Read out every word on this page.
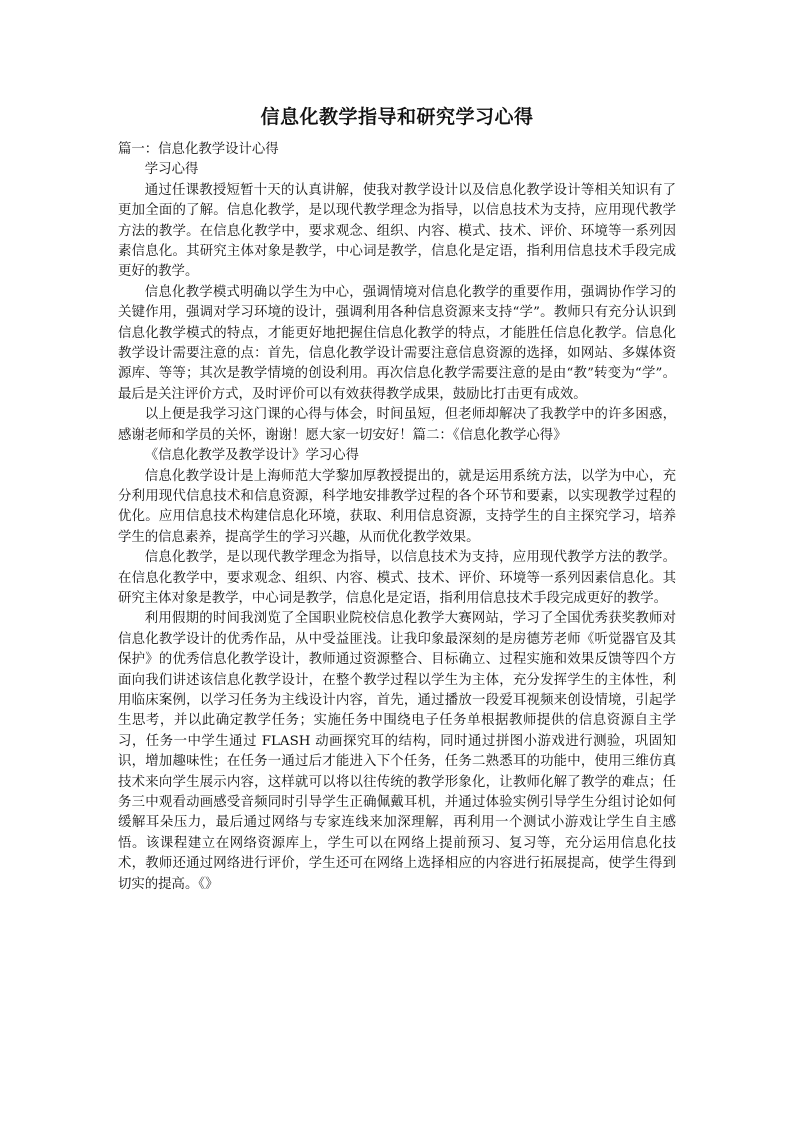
信息化教学指导和研究学习心得

篇一：信息化教学设计心得

学习心得

通过任课教授短暂十天的认真讲解，使我对教学设计以及信息化教学设计等相关知识有了更加全面的了解。信息化教学，是以现代教学理念为指导，以信息技术为支持，应用现代教学方法的教学。在信息化教学中，要求观念、组织、内容、模式、技术、评价、环境等一系列因素信息化。其研究主体对象是教学，中心词是教学，信息化是定语，指利用信息技术手段完成更好的教学。

信息化教学模式明确以学生为中心，强调情境对信息化教学的重要作用，强调协作学习的关键作用，强调对学习环境的设计，强调利用各种信息资源来支持“学”。教师只有充分认识到信息化教学模式的特点，才能更好地把握住信息化教学的特点，才能胜任信息化教学。信息化教学设计需要注意的点：首先，信息化教学设计需要注意信息资源的选择，如网站、多媒体资源库、等等；其次是教学情境的创设利用。再次信息化教学需要注意的是由“教”转变为“学”。最后是关注评价方式，及时评价可以有效获得教学成果，鼓励比打击更有成效。

以上便是我学习这门课的心得与体会，时间虽短，但老师却解决了我教学中的许多困惑，感谢老师和学员的关怀，谢谢！愿大家一切安好！篇二：《信息化教学心得》

《信息化教学及教学设计》学习心得

信息化教学设计是上海师范大学黎加厚教授提出的，就是运用系统方法，以学为中心，充分利用现代信息技术和信息资源，科学地安排教学过程的各个环节和要素，以实现教学过程的优化。应用信息技术构建信息化环境，获取、利用信息资源，支持学生的自主探究学习，培养学生的信息素养，提高学生的学习兴趣，从而优化教学效果。

信息化教学，是以现代教学理念为指导，以信息技术为支持，应用现代教学方法的教学。在信息化教学中，要求观念、组织、内容、模式、技术、评价、环境等一系列因素信息化。其研究主体对象是教学，中心词是教学，信息化是定语，指利用信息技术手段完成更好的教学。

利用假期的时间我浏览了全国职业院校信息化教学大赛网站，学习了全国优秀获奖教师对信息化教学设计的优秀作品，从中受益匪浅。让我印象最深刻的是房德芳老师《听觉器官及其保护》的优秀信息化教学设计，教师通过资源整合、目标确立、过程实施和效果反馈等四个方面向我们讲述该信息化教学设计，在整个教学过程以学生为主体，充分发挥学生的主体性，利用临床案例，以学习任务为主线设计内容，首先，通过播放一段爱耳视频来创设情境，引起学生思考，并以此确定教学任务；实施任务中围绕电子任务单根据教师提供的信息资源自主学习，任务一中学生通过 FLASH 动画探究耳的结构，同时通过拼图小游戏进行测验，巩固知识，增加趣味性；在任务一通过后才能进入下个任务，任务二熟悉耳的功能中，使用三维仿真技术来向学生展示内容，这样就可以将以往传统的教学形象化，让教师化解了教学的难点；任务三中观看动画感受音频同时引导学生正确佩戴耳机，并通过体验实例引导学生分组讨论如何缓解耳朵压力，最后通过网络与专家连线来加深理解，再利用一个测试小游戏让学生自主感悟。该课程建立在网络资源库上，学生可以在网络上提前预习、复习等，充分运用信息化技术，教师还通过网络进行评价，学生还可在网络上选择相应的内容进行拓展提高，使学生得到切实的提高。《》
